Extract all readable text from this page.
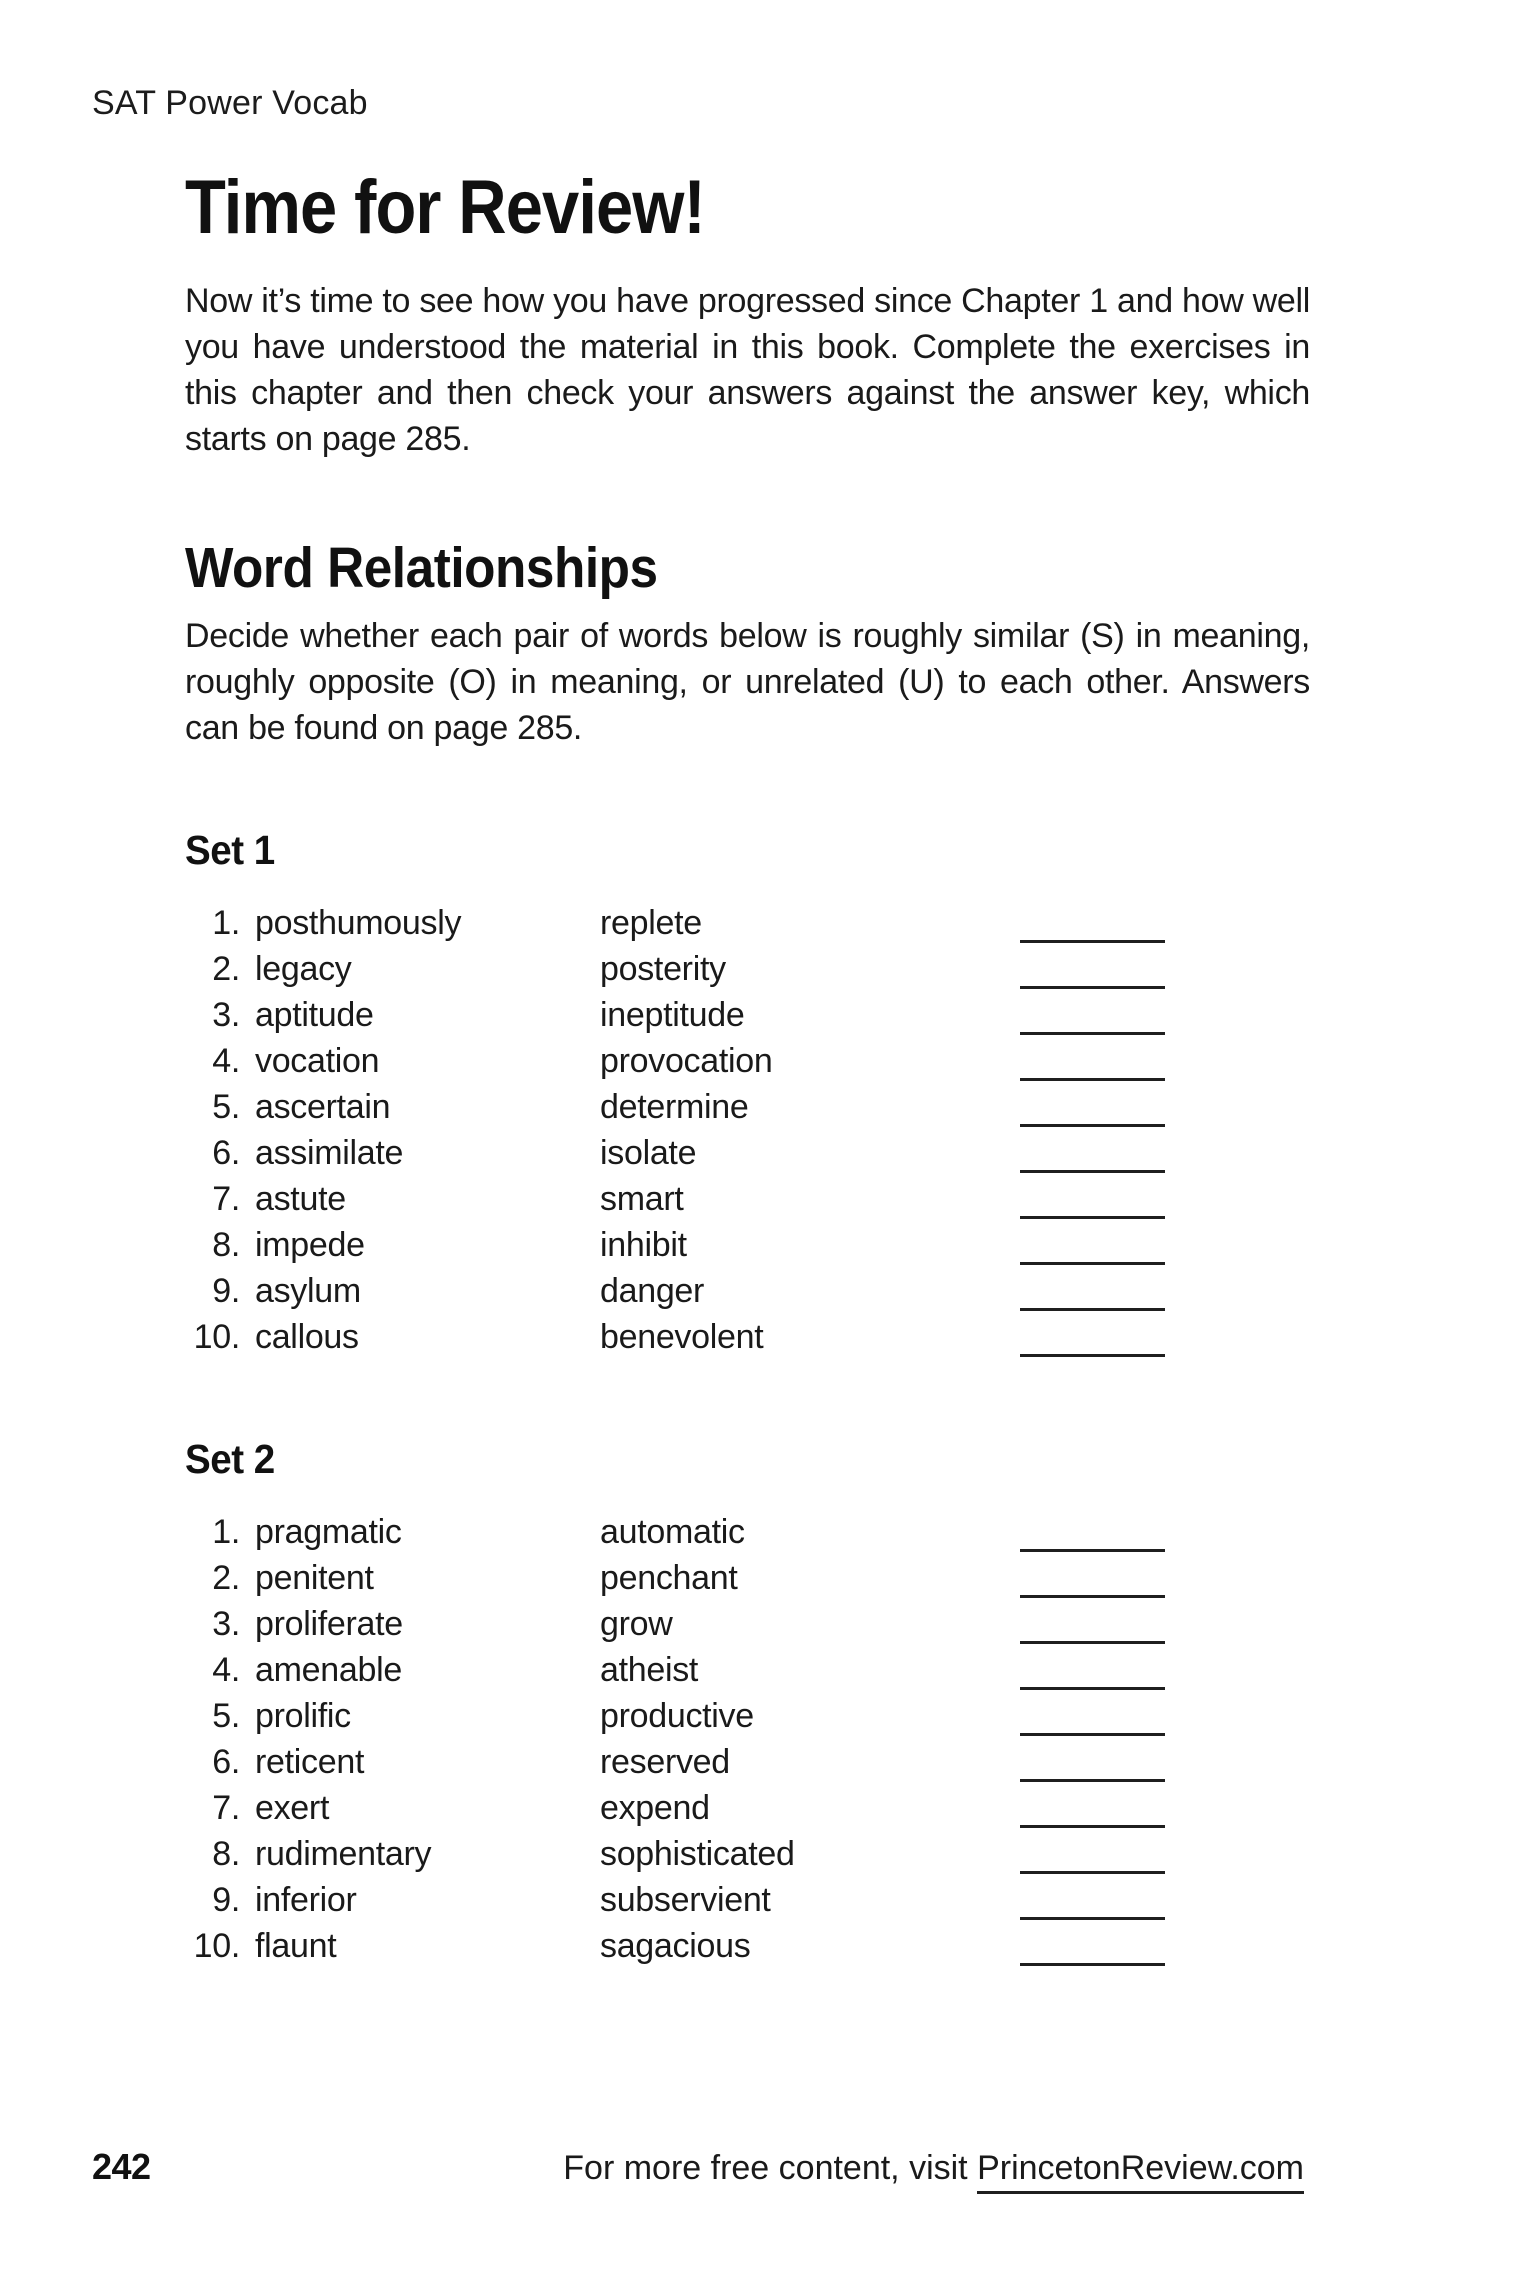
SAT Power Vocab
Time for Review!

Now it’s time to see how you have progressed since Chapter 1 and how well you have understood the material in this book. Complete the exercises in this chapter and then check your answers against the answer key, which starts on page 285.

Word Relationships

Decide whether each pair of words below is roughly similar (S) in meaning, roughly opposite (O) in meaning, or unrelated (U) to each other. Answers can be found on page 285.

Set 1
1. posthumously	replete
2. legacy	posterity
3. aptitude	ineptitude
4. vocation	provocation
5. ascertain	determine
6. assimilate	isolate
7. astute	smart
8. impede	inhibit
9. asylum	danger
10. callous	benevolent
Set 2
1. pragmatic	automatic
2. penitent	penchant
3. proliferate	grow
4. amenable	atheist
5. prolific	productive
6. reticent	reserved
7. exert	expend
8. rudimentary	sophisticated
9. inferior	subservient
10. flaunt	sagacious
242	For more free content, visit PrincetonReview.com
